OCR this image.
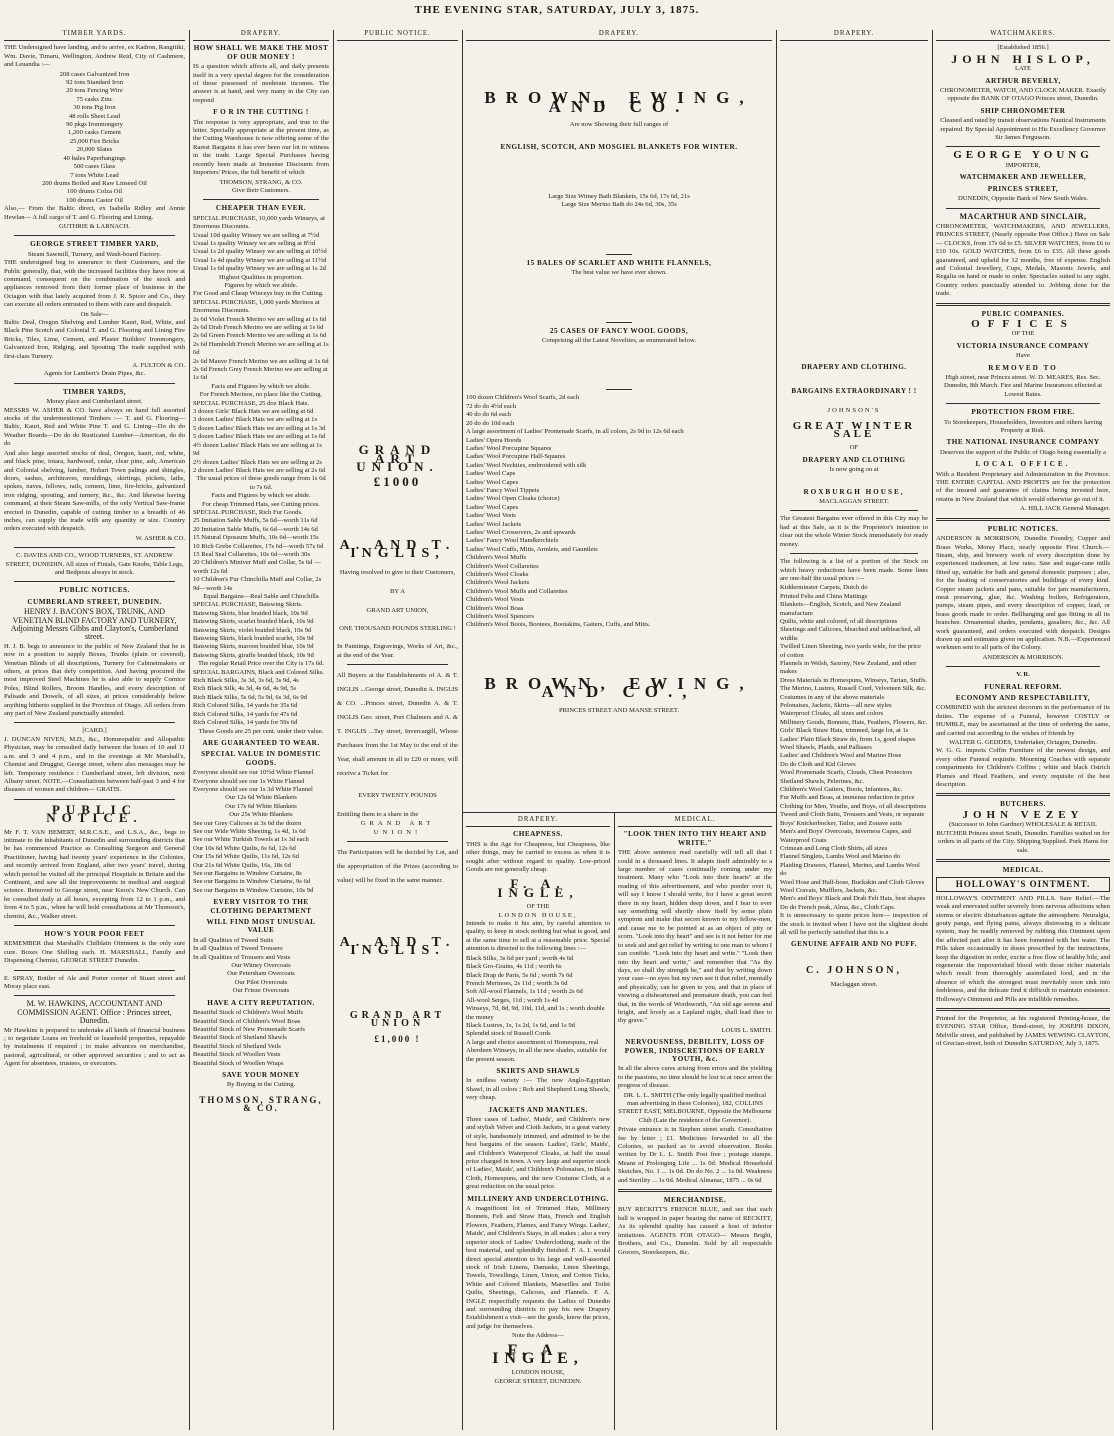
THE EVENING STAR, SATURDAY, JULY 3, 1875.
TIMBER YARDS.
THE Undersigned have landing, and to arrive, ex Kadron, Rangitiki, Wm. Davie, Timaru, Wellington, Andrew Reid, City of Cashmere, and Leuandia :—
208 cases Galvanized Iron
92 tons Standard Iron
20 tons Fencing Wire
75 casks Zinc
30 tons Pig Iron
48 rolls Sheet Lead
90 pkgs Ironmongery
1,200 casks Cement
25,000 Fire Bricks
20,000 Slates
40 bales Paperhangings
500 cases Glass
7 tons White Lead
200 drums Boiled and Raw Linseed Oil
100 drums Colza Oil
100 drums Castor Oil
Also,— From the Baltic direct, ex Isabella Ridley and Annie Hewlan— A full cargo of T. and G. Flooring and Lining.
GUTHRIE & LARNACH.
GEORGE STREET TIMBER YARD,
Steam Sawmill, Turnery, and Wash-board Factory.
THE undersigned beg to announce to their Customers, and the Public generally, that, with the increased facilities they have now at command, consequent on the combination of the stock and appliances removed from their former place of business in the Octagon with that lately acquired from J. R. Spicer and Co., they can execute all orders entrusted to them with care and despatch.
On Sale—
Baltic Deal, Oregon Shelving and Lumber Kauri, Red, White, and Black Pine Scotch and Colonial T. and G. Flooring and Lining Fire Bricks, Tiles, Lime, Cement, and Plaster Builders' Ironmongery, Galvanized Iron, Ridging, and Spouting The trade supplied with first-class Turnery.
A. FULTON & CO.
Agents for Lambert's Drain Pipes, &c.
TIMBER YARDS,
Moray place and Cumberland street.
MESSRS W. ASHER & CO. have always on hand full assorted stocks of the undermentioned Timbers :— T. and G. Flooring—Baltic, Kauri, Red and White Pine T. and G. Lining—Do do do Weather Boards—Do do do Rusticated Lumber—American, do do do
And also large assorted stocks of deal, Oregon, kauri, red, white, and black pine, totara, hardwood, cedar, clear pine, ash, American and Colonial shelving, lumber, Hobart Town palings and shingles, doors, sashes, architraves, mouldings, skirtings, pickets, laths, spokes, naves, fellows, rails, cement, lime, fire-bricks, galvanized iron ridging, spouting, and turnery, &c., &c. And likewise having command, at their Steam Saw-mills, of the only Vertical Saw-frame erected in Dunedin, capable of cutting timber to a breadth of 46 inches, can supply the trade with any quantity or size. Country orders executed with despatch.
W. ASHER & CO.
C. DAVIES AND CO., WOOD TURNERS, ST. ANDREW STREET, DUNEDIN. All sizes of Finials, Gate Knobs, Table Legs, and Bedposts always in stock.
PUBLIC NOTICES.
CUMBERLAND STREET, DUNEDIN.
HENRY J. BACON'S BOX, TRUNK, AND VENETIAN BLIND FACTORY AND TURNERY, Adjoining Messrs Gibbs and Clayton's, Cumberland street.
H. J. B. begs to announce to the public of New Zealand that he is now in a position to supply Boxes, Trunks (plain or covered), Venetian Blinds of all descriptions, Turnery for Cabinetmakers or others, at prices that defy competition. And having procured the most improved Steel Machines he is also able to supply Cornice Poles, Blind Rollers, Broom Handles, and every description of Palisade and Dowels, of all sizes, at prices considerably below anything hitherto supplied in the Province of Otago. All orders from any part of New Zealand punctually attended.
[CARD.]
J. DUNCAN NIVEN, M.D., &c., Homœopathic and Allopathic Physician, may be consulted daily between the hours of 10 and 11 a.m. and 3 and 4 p.m., and in the evenings at Mr Marshall's, Chemist and Druggist, George street, where also messages may be left. Temporary residence : Cumberland street, left division, next Albany street. NOTE.—Consultations between half-past 3 and 4 for diseases of women and children— GRATIS.
PUBLIC NOTICE.
Mr F. T. VAN HEMERT, M.R.C.S.E., and L.S.A., &c., begs to intimate to the inhabitants of Dunedin and surrounding districts that he has commenced Practice as Consulting Surgeon and General Practitioner, having had twenty years' experience in the Colonies, and recently arrived from England, after two years' travel, during which period he visited all the principal Hospitals in Britain and the Continent, and saw all the improvements in medical and surgical science. Removed to George street, near Knox's New Church. Can be consulted daily at all hours, excepting from 12 to 1 p.m., and from 4 to 5 p.m., when he will hold consultations at Mr Thomson's, chemist, &c., Walker street.
HOW'S YOUR POOR FEET
REMEMBER that Marshall's Chilblain Ointment is the only sure cure. Boxes One Shilling each. H. MARSHALL, Family and Dispensing Chemist, GEORGE STREET Dunedin.
E. SPRAY, Bottler of Ale and Porter corner of Stuart street and Moray place east.
M. W. HAWKINS, ACCOUNTANT AND COMMISSION AGENT. Office : Princes street, Dunedin.
Mr Hawkins is prepared to undertake all kinds of financial business ; to negotiate Loans on freehold or leasehold properties, repayable by instalments if required ; to make advances on merchandise, pastoral, agricultural, or other approved securities ; and to act as Agent for absentees, trustees, or executors.
DRAPERY.
HOW SHALL WE MAKE THE MOST OF OUR MONEY !
IS a question which affects all, and daily presents itself in a very special degree for the consideration of those possessed of moderate incomes. The answer is at hand, and very many in the City can respond
F O R IN THE CUTTING !
The response is very appropriate, and true to the letter. Specially appropriate at the present time, as the Cutting Warehouse is now offering some of the Rarest Bargains it has ever been our lot to witness in the trade. Large Special Purchases having recently been made at Immense Discounts from Importers' Prices, the full benefit of which
THOMSON, STRANG, & CO.
Give their Customers.
CHEAPER THAN EVER.
SPECIAL PURCHASE, 10,000 yards Winseys, at Enormous Discounts.
Usual 10d quality Winsey we are selling at 7½d
Usual 1s quality Winsey we are selling at 8½d
Usual 1s 2d quality Winsey we are selling at 10½d
Usual 1s 4d quality Winsey we are selling at 11½d
Usual 1s 6d quality Winsey we are selling at 1s 2d
Highest Qualities in proportion.
Figures by which we abide.
For Good and Cheap Winceys buy in the Cutting.
SPECIAL PURCHASE, 1,000 yards Merinos at Enormous Discounts.
2s 6d Violet French Merino we are selling at 1s 6d
2s 6d Drab French Merino we are selling at 1s 6d
2s 6d Green French Merino we are selling at 1s 6d
2s 6d Humboldt French Merino we are selling at 1s 6d
2s 6d Mauve French Merino we are selling at 1s 6d
2s 6d French Grey French Merino we are selling at 1s 6d
Facts and Figures by which we abide.
For French Merinos, no place like the Cutting.
SPECIAL PURCHASE, 25 doz Black Hats.
3 dozen Girls' Black Hats we are selling at 6d
3 dozen Ladies' Black Hats we are selling at 1s
5 dozen Ladies' Black Hats we are selling at 1s 3d
5 dozen Ladies' Black Hats we are selling at 1s 6d
4½ dozen Ladies' Black Hats we are selling at 1s 9d
2½ dozen Ladies' Black Hats we are selling at 2s
2 dozen Ladies' Black Hats we are selling at 2s 6d
The usual prices of these goods range from 1s 6d to 7s 6d.
Facts and Figures by which we abide.
For cheap Trimmed Hats, see Cutting prices.
SPECIAL PURCHASE, Rich Fur Goods.
25 Imitation Sable Muffs, 5s 6d—worth 11s 6d
20 Imitation Sable Muffs, 6s 6d—worth 14s 6d
15 Natural Opossum Muffs, 10s 6d—worth 15s
10 Rich Grebe Collarettes, 17s 6d—worth 57s 6d
15 Real Seal Collarettes, 10s 6d—worth 30s
20 Children's Miniver Muff and Collar, 5s 6d —worth 12s 6d
10 Children's Fur Chinchilla Muff and Collar, 2s 9d—worth 14s
Equal Bargains—Real Sable and Chinchilla
SPECIAL PURCHASE, Batswing Skirts.
Batswing Skirts, blue braided black, 10s 9d
Batswing Skirts, scarlet braided black, 10s 9d
Batswing Skirts, violet braided black, 10s 9d
Batswing Skirts, black braided scarlet, 10s 9d
Batswing Skirts, maroon braided blue, 10s 9d
Batswing Skirts, giraffe braided black, 10s 9d
The regular Retail Price over the City is 17s 6d.
SPECIAL BARGAINS, Black and Colored Silks.
Rich Black Silks, 3s 3d, 3s 6d, 3s 9d, 4s
Rich Black Silk, 4s 3d, 4s 6d, 4s 9d, 5s
Rich Black Silks, 5s 6d, 5s 9d, 6s 3d, 6s 9d
Rich Colored Silks, 14 yards for 35s 6d
Rich Colored Silks, 14 yards for 47s 6d
Rich Colored Silks, 14 yards for 59s 6d
These Goods are 25 per cent. under their value.
ARE GUARANTEED TO WEAR.
SPECIAL VALUE IN DOMESTIC GOODS.
Everyone should see our 10½d White Flannel
Everyone should see our 1s White Flannel
Everyone should see our 1s 3d White Flannel
Our 12s 6d White Blankets
Our 17s 6d White Blankets
Our 25s White Blankets
See our Grey Calicoes at 3s 6d the dozen
See our Wide White Sheeting, 1s 4d, 1s 6d
See our White Turkish Towels at 1s 3d each
Our 10s 6d White Quilts, 6s 6d, 12s 6d
Our 15s 6d White Quilts, 11s 6d, 12s 6d
Our 21s 6d White Quilts, 16s, 18s 6d
See our Bargains in Window Curtains, 8s
See our Bargains in Window Curtains, 9s 6d
See our Bargains in Window Curtains, 10s 9d
EVERY VISITOR TO THE CLOTHING DEPARTMENT
WILL FIND MOST UNUSUAL VALUE
In all Qualities of Tweed Suits
In all Qualities of Tweed Trousers
In all Qualities of Trousers and Vests
Our Witney Overcoats
Our Petersham Overcoats
Our Pilot Overcoats
Our Frieze Overcoats
HAVE A CITY REPUTATION.
Beautiful Stock of Children's Wool Muffs
Beautiful Stock of Children's Wool Boas
Beautiful Stock of New Promenade Scarfs
Beautiful Stock of Shetland Shawls
Beautiful Stock of Shetland Veils
Beautiful Stock of Woollen Vests
Beautiful Stock of Woollen Wraps
SAVE YOUR MONEY
By Buying in the Cutting.
THOMSON, STRANG, & CO.
PUBLIC NOTICE.
GRAND ART UNION.
£1000
A. AND T. INGLIS,
Having resolved to give to their Customers,
BY A
GRAND ART UNION,
ONE THOUSAND POUNDS STERLING !
In Paintings, Engravings, Works of Art, &c., at the end of the Year.
All Buyers at the Establishments of A. & T. INGLIS ...George street, Dunedin A. INGLIS & CO. ...Princes street, Dunedin A. & T. INGLIS Geo. street, Port Chalmers and A. & T. INGLIS ...Tay street, Invercargill, Whose Purchases from the 1st May to the end of the Year, shall amount in all to £20 or more, will receive a Ticket for
EVERY TWENTY POUNDS
Entitling them to a share in the
GRAND ART UNION!
The Participators will be decided by Lot, and the appropriation of the Prizes (according to value) will be fixed in the same manner.
A. AND T. INGLIS.
GRAND ART UNION
£1,000 !
DRAPERY.
BROWN, EWING, AND CO.
Are now Showing their full ranges of
ENGLISH, SCOTCH, AND MOSGIEL BLANKETS FOR WINTER.
Large Size Witney Bath Blankets, 15s 6d, 17s 6d, 21s
Large Size Merino Bath do 24s 6d, 30s, 35s
15 BALES OF SCARLET AND WHITE FLANNELS,
The best value we have ever shown.
25 CASES OF FANCY WOOL GOODS,
Comprising all the Latest Novelties, as enumerated below.
100 dozen Children's Wool Scarfs, 2d each
72 do do 4½d each
40 do do 6d each
20 do do 10d each
A large assortment of Ladies' Promenade Scarfs, in all colors, 2s 9d to 12s 6d each
Ladies' Opera Hoods
Ladies' Wool Porcupine Squares
Ladies' Wool Porcupine Half-Squares
Ladies' Wool Neckties, embroidered with silk
Ladies' Wool Caps
Ladies' Wool Capes
Ladies' Fancy Wool Tippets
Ladies' Wool Open Cloaks (choice)
Ladies' Wool Capes
Ladies' Wool Vests
Ladies' Wool Jackets
Ladies' Wool Crossovers, 2s and upwards
Ladies' Fancy Wool Handkerchiefs
Ladies' Wool Cuffs, Mitts, Armlets, and Gauntlets
Children's Wool Muffs
Children's Wool Collarettes
Children's Wool Cloaks
Children's Wool Jackets
Children's Wool Muffs and Collarettes
Children's Wool Vests
Children's Wool Boas
Children's Wool Spencers
Children's Wool Boots, Bootees, Bootakins, Gaiters, Cuffs, and Mitts.
BROWN, EWING, AND CO.,
PRINCES STREET AND MANSE STREET.
DRAPERY.
CHEAPNESS.
THIS is the Age for Cheapness, but Cheapness, like other things, may be carried to excess as when it is sought after without regard to quality. Low-priced Goods are not generally cheap.
F. A. INGLE,
OF THE
LONDON HOUSE,
Intends to make it his aim, by careful attention to quality, to keep in stock nothing but what is good, and at the same time to sell at a reasonable price. Special attention is directed to the following lines :—
Black Silks, 3s 6d per yard ; worth 4s 6d
Black Gro-Grains, 4s 11d ; worth 6s
Black Drap de Paris, 5s 6d ; worth 7s 6d
French Merinoes, 2s 11d ; worth 3s 6d
Soft All-wool Flannels, 1s 11d ; worth 2s 6d
All-wool Serges, 11d ; worth 1s 4d
Winseys, 7d, 8d, 9d, 10d, 11d, and 1s ; worth double the money
Black Lustres, 1s, 1s 2d, 1s 6d, and 1s 9d
Splendid stock of Russell Cords
A large and choice assortment of Homespuns, real Aberdeen Winseys, in all the new shades, suitable for the present season.
SKIRTS AND SHAWLS
In endless variety :— The new Anglo-Egyptian Shawl, in all colors ; Rob and Shepherd Long Shawls, very cheap.
JACKETS AND MANTLES.
Three cases of Ladies', Maids', and Children's new and stylish Velvet and Cloth Jackets, in a great variety of style, handsomely trimmed, and admitted to be the best bargains of the season. Ladies', Girls', Maids', and Children's Waterproof Cloaks, at half the usual price charged in town. A very large and superior stock of Ladies', Maids', and Children's Polonaises, in Black Cloth, Homespuns, and the new Costume Cloth, at a great reduction on the usual price.
MILLINERY AND UNDERCLOTHING.
A magnificent lot of Trimmed Hats, Millinery Bonnets, Felt and Straw Hats, French and English Flowers, Feathers, Flames, and Fancy Wings. Ladies', Maids', and Children's Stays, in all makes ; also a very superior stock of Ladies' Underclothing, made of the best material, and splendidly finished. F. A. I. would direct special attention to his large and well-assorted stock of Irish Linens, Damasks, Linen Sheetings, Towels, Towellings, Linen, Union, and Cotton Ticks, White and Colored Blankets, Marseilles and Toilet Quilts, Sheetings, Calicoes, and Flannels. F. A. INGLE respectfully requests the Ladies of Dunedin and surrounding districts to pay his new Drapery Establishment a visit—see the goods, know the prices, and judge for themselves.
Note the Address—
F. A. INGLE,
LONDON HOUSE,
GEORGE STREET, DUNEDIN.
MEDICAL.
"LOOK THEN INTO THY HEART AND WRITE."
THE above sentence read carefully will tell all that I could in a thousand lines. It adapts itself admirably to a large number of cases continually coming under my treatment. Many who "Look into their hearts" at the reading of this advertisement, and who ponder over it, will say I know I should write, for I have a great secret there in my heart, hidden deep down, and I fear to ever say something will shortly show itself by some plain symptom and make that secret known to my fellow-men, and cause me to be pointed at as an object of pity or scorn. "Look into thy heart" and see is it not better for me to seek aid and get relief by writing to one man to whom I can confide. "Look into thy heart and write." "Look then into thy heart and write," and remember that "As thy days, so shall thy strength be," and that by writing down your case—no eyes but my own see it that relief, mentally and physically, can be given to you, and that in place of viewing a disheartened and premature death, you can feel that, in the words of Wordsworth, "An old age serene and bright, and lovely as a Lapland night, shall lead thee to thy grave."
LOUIS L. SMITH.
NERVOUSNESS, DEBILITY, LOSS OF POWER, INDISCRETIONS OF EARLY YOUTH, &c.
In all the above cures arising from errors and the yielding to the passions, no time should be lost to at once arrest the progress of disease.
DR. L. L. SMITH (The only legally qualified medical man advertising in these Colonies), 182, COLLINS STREET EAST, MELBOURNE, Opposite the Melbourne Club (Late the residence of the Governor).
Private entrance is in Stephen street south. Consultation fee by letter ; £1. Medicines forwarded to all the Colonies, so packed as to avoid observation. Books written by Dr L. L. Smith Post free ; postage stamps. Means of Prolonging Life ... 1s 0d. Medical Household Sketches, No. 1 ... 1s 0d. Do do No. 2 ... 1s 0d. Weakness and Sterility ... 1s 0d. Medical Almanac, 1875 ... 0s 6d
MERCHANDISE.
BUY RECKITT'S FRENCH BLUE, and see that each ball is wrapped in paper bearing the name of RECKITT, As its splendid quality has caused a host of inferior imitations. AGENTS FOR OTAGO— Messrs Bright, Brothers, and Co., Dunedin. Sold by all respectable Grocers, Storekeepers, &c.
DRAPERY.
DRAPERY AND CLOTHING.
BARGAINS EXTRAORDINARY ! !
JOHNSON'S
GREAT WINTER SALE
OF
DRAPERY AND CLOTHING
Is now going on at
ROXBURGH HOUSE,
MACLAGGAN STREET.
The Greatest Bargains ever offered in this City may be had at this Sale, as it is the Proprietor's intention to clear out the whole Winter Stock immediately for ready money.
The following is a list of a portion of the Stock on which heavy reductions have been made. Some lines are one-half the usual prices :—
Kidderminster Carpets, Dutch do
Printed Felts and China Mattings
Blankets—English, Scotch, and New Zealand manufacture
Quilts, white and colored, of all descriptions
Sheetings and Calicoes, bleached and unbleached, all widths
Twilled Linen Sheeting, two yards wide, for the price of cotton
Flannels in Welsh, Saxony, New Zealand, and other makes
Dress Materials in Homespuns, Winseys, Tartan, Stuffs. The Merino, Lustres, Russell Cord, Velveteen Silk, &c.
Costumes in any of the above materials
Polonaises, Jackets, Skirts—all new styles
Waterproof Cloaks, all sizes and colors
Millinery Goods, Bonnets, Hats, Feathers, Flowers, &c.
Girls' Black Straw Hats, trimmed, large lot, at 1s
Ladies' Plain Black Straw do, from 1s, good shapes
Wool Shawls, Plaids, and Palliases
Ladies' and Children's Wool and Marino Hose
Do do Cloth and Kid Gloves
Wool Promenade Scarfs, Clouds, Chest Protectors
Shetland Shawls, Pelerines, &c.
Children's Wool Gaiters, Boots, Infantees, &c.
Fur Muffs and Boas, at immense reduction in price
Clothing for Men, Youths, and Boys, of all descriptions
Tweed and Cloth Suits, Trousers and Vests, or separate
Boys' Knickerbocker, Tailor, and Zouave suits
Men's and Boys' Overcoats, Inverness Capes, and Waterproof Coats
Crimean and Long Cloth Shirts, all sizes
Flannel Singlets, Lambs Wool and Marino do
Plaiding Drawers, Flannel, Merino, and Lambs Wool do
Wool Hose and Half-hose, Buckskin and Cloth Gloves
Wool Cravats, Mufflers, Jackets, &c.
Men's and Boys' Black and Drab Felt Hats, best shapes
Do do French peak, Alma, &c., Cloth Caps.
It is unnecessary to quote prices here— inspection of the stock is invited when I have not the slightest doubt all will be perfectly satisfied that this is a
GENUINE AFFAIR AND NO PUFF.
C. JOHNSON,
Maclaggan street.
WATCHMAKERS.
[Established 1856.]
JOHN HISLOP,
LATE
ARTHUR BEVERLY,
CHRONOMETER, WATCH, AND CLOCK MAKER. Exactly opposite the BANK OF OTAGO Princes street, Dunedin.
SHIP CHRONOMETER
Cleaned and rated by transit observations Nautical Instruments repaired. By Special Appointment to His Excellency Governor Sir James Fergusson.
GEORGE YOUNG
IMPORTER,
WATCHMAKER AND JEWELLER,
PRINCES STREET,
DUNEDIN, Opposite Bank of New South Wales.
MACARTHUR AND SINCLAIR,
CHRONOMETER, WATCHMAKERS, AND JEWELLERS, PRINCES STREET, (Nearly opposite Post Office.) Have on Sale— CLOCKS, from 17s 6d to £5. SILVER WATCHES, from £6 to £10 10s. GOLD WATCHES, from £6 to £35. All these goods guaranteed, and upheld for 12 months, free of expense. English and Colonial Jewellery, Cups, Medals, Masonic Jewels, and Regalia on hand or made to order. Spectacles suited to any sight. Country orders punctually attended to. Jobbing done for the trade.
PUBLIC COMPANIES.
OFFICES
OF THE
VICTORIA INSURANCE COMPANY
Have
REMOVED TO
High street, near Princes street. W. D. MEARES, Res. Sec. Dunedin, 8th March. Fire and Marine Insurances effected at Lowest Rates.
PROTECTION FROM FIRE.
To Storekeepers, Householders, Investors and others having Property at Risk.
THE NATIONAL INSURANCE COMPANY
Deserves the support of the Public of Otago being essentially a
LOCAL OFFICE.
With a Resident Proprietary and Administration in the Province. THE ENTIRE CAPITAL AND PROFITS are for the protection of the insured and guarantee of claims being invested here, retains in New Zealand that which would otherwise go out of it.
A. HILL JACK General Manager.
PUBLIC NOTICES.
ANDERSON & MORRISON, Dunedin Foundry, Cupper and Brass Works, Moray Place, nearly opposite First Church.—Steam, ship, and brewery work of every description done by experienced tradesmen, at low rates. Saw and sugar-cane mills fitted up, suitable for bath and general domestic purposes ; also, for the heating of conservatories and buildings of every kind. Copper steam jackets and pans, suitable for jam manufacturers, meat preserving, glue, &c. Washing boilers, Refrigerators, pumps, steam pipes, and every description of copper, lead, or brass goods made to order. Bellhanging and gas fitting in all its branches. Ornamental shades, pendants, gasaliers, &c., &c. All work guaranteed, and orders executed with despatch. Designs drawn up and estimates given on application. N.B.—Experienced workmen sent to all parts of the Colony.
ANDERSON & MORRISON.
V. R.
FUNERAL REFORM.
ECONOMY AND RESPECTABILITY,
COMBINED with the strictest decorum in the performance of its duties. The expense of a Funeral, however COSTLY or HUMBLE, may be ascertained at the time of ordering the same, and carried out according to the wishes of friends by
WALTER G. GEDDES, Undertaker, Octagon, Dunedin.
W. G. G. imports Coffin Furniture of the newest design, and every other Funeral requisite. Mourning Coaches with separate compartments for Children's Coffins ; white and black Ostrich Plumes and Head Feathers, and every requisite of the best description.
BUTCHERS.
JOHN VEZEY
(Successor to John Gardner) WHOLESALE & RETAIL BUTCHER Princes street South, Dunedin. Families waited on for orders in all parts of the City. Shipping Supplied. Pork Hams for sale.
MEDICAL.
HOLLOWAY'S OINTMENT.
HOLLOWAY'S OINTMENT AND PILLS. Sure Relief.—The weak and enervated suffer severely from nervous affections when storms or electric disturbances agitate the atmosphere. Neuralgia, gouty pangs, and flying pains, always distressing to a delicate system, may be readily removed by rubbing this Ointment upon the affected part after it has been fomented with hot water. The Pills taken occasionally in doses prescribed by the instructions, keep the digestion in order, excite a free flow of healthy bile, and regenerate the impoverished blood with those richer materials which result from thoroughly assimilated food, and in the absence of which the strongest must inevitably soon sink into feebleness, and the delicate find it difficult to maintain existence. Holloway's Ointment and Pills are infallible remedies.
Printed for the Proprietor, at his registered Printing-house, the EVENING STAR Office, Bond-street, by JOSEPH DIXON, Melville street, and published by JAMES WEWING CLAYTON, of Grecian-street, both of Dunedin SATURDAY, July 3, 1875.
